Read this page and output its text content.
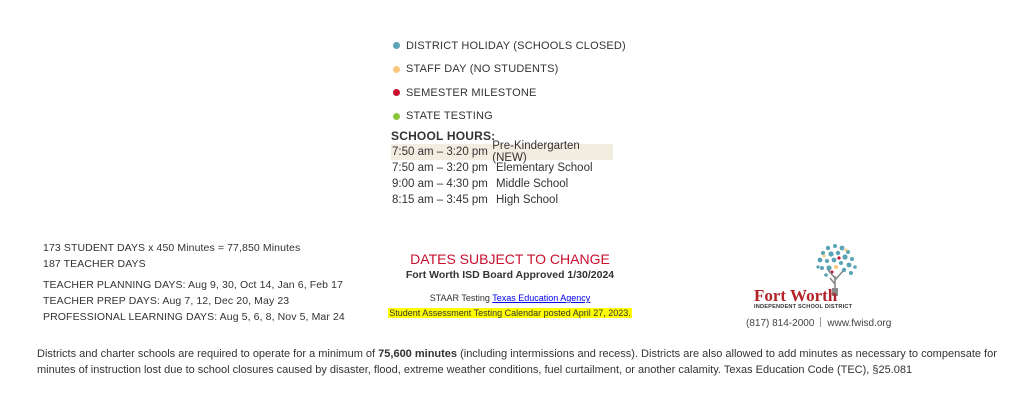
DISTRICT HOLIDAY (SCHOOLS CLOSED)
STAFF DAY (NO STUDENTS)
SEMESTER MILESTONE
STATE TESTING
SCHOOL HOURS:
7:50 am – 3:20 pm Pre-Kindergarten (NEW)
7:50 am – 3:20 pm Elementary School
9:00 am – 4:30 pm Middle School
8:15 am – 3:45 pm High School
173 STUDENT DAYS x 450 Minutes = 77,850 Minutes
187 TEACHER DAYS
TEACHER PLANNING DAYS: Aug 9, 30, Oct 14, Jan 6, Feb 17
TEACHER PREP DAYS: Aug 7, 12, Dec 20, May 23
PROFESSIONAL LEARNING DAYS: Aug 5, 6, 8, Nov 5, Mar 24
DATES SUBJECT TO CHANGE
Fort Worth ISD Board Approved 1/30/2024
STAAR Testing Texas Education Agency
Student Assessment Testing Calendar posted April 27, 2023.
Fort Worth
INDEPENDENT SCHOOL DISTRICT
(817) 814-2000 www.fwisd.org
Districts and charter schools are required to operate for a minimum of 75,600 minutes (including intermissions and recess). Districts are also allowed to add minutes as necessary to compensate for minutes of instruction lost due to school closures caused by disaster, flood, extreme weather conditions, fuel curtailment, or another calamity. Texas Education Code (TEC), §25.081
